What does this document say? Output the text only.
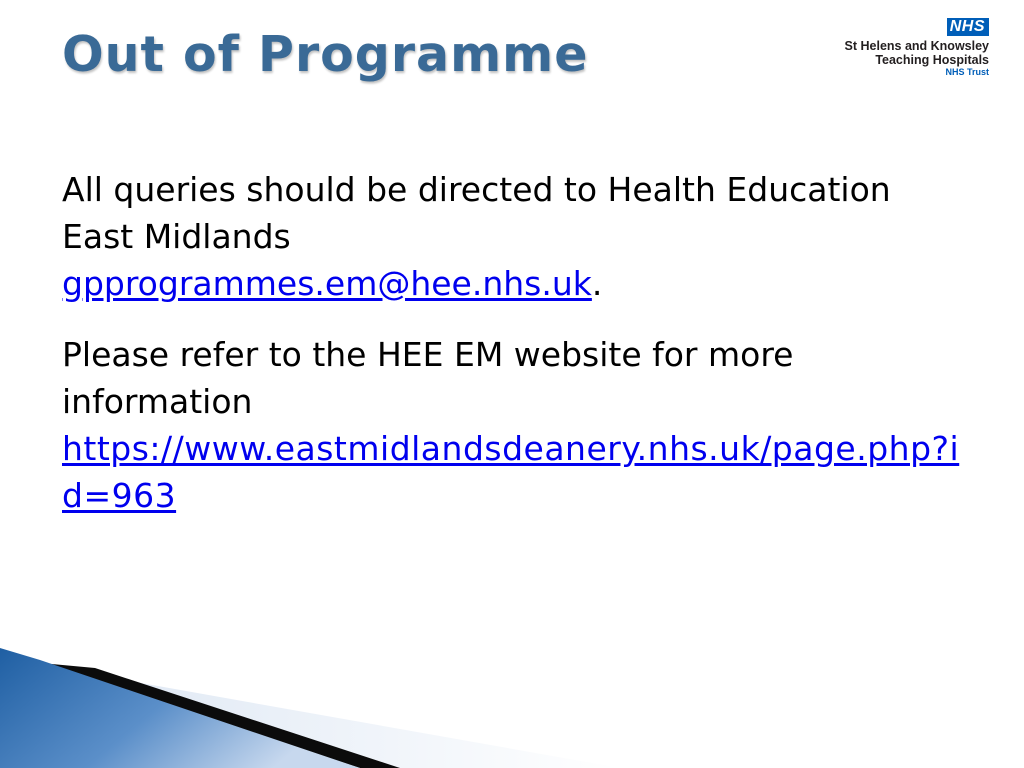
Out of Programme	NHS
St Helens and Knowsley
Teaching Hospitals
NHS Trust

All queries should be directed to Health Education East Midlands
gpprogrammes.em@hee.nhs.uk.

Please refer to the HEE EM website for more information
https://www.eastmidlandsdeanery.nhs.uk/page.php?id=963
